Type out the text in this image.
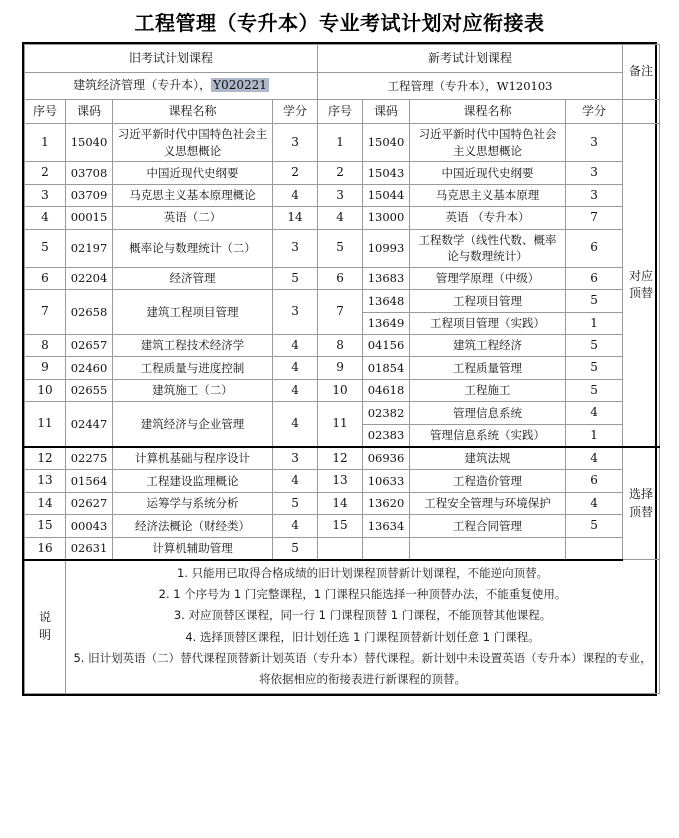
工程管理（专升本）专业考试计划对应衔接表
旧考试计划课程				新考试计划课程				备注
建筑经济管理（专升本）， Y020221				工程管理（专升本），W120103				
序号	课码	课程名称	学分	序号	课码	课程名称	学分	
1	15040	习近平新时代中国特色社会主义思想概论	3	1	15040	习近平新时代中国特色社会主义思想概论	3	对应顶替

2	03708	中国近现代史纲要	2	2	15043	中国近现代史纲要	3	
3	03709	马克思主义基本原理概论	4	3	15044	马克思主义基本原理	3	
4	00015	英语（二）	14	4	13000	英语 （专升本）	7	
5	02197	概率论与数理统计（二）	3	5	10993	工程数学（线性代数、概率论与数理统计）	6	
6	02204	经济管理	5	6	13683	管理学原理（中级）	6	
7	02658	建筑工程项目管理	3	7	13648	工程项目管理	5	
					13649	工程项目管理（实践）	1	
8	02657	建筑工程技术经济学	4	8	04156	建筑工程经济	5	
9	02460	工程质量与进度控制	4	9	01854	工程质量管理	5	
10	02655	建筑施工（二）	4	10	04618	工程施工	5	
11	02447	建筑经济与企业管理	4	11	02382	管理信息系统	4	
					02383	管理信息系统（实践）	1	
12	02275	计算机基础与程序设计	3	12	06936	建筑法规	4	选择顶替

13	01564	工程建设监理概论	4	13	10633	工程造价管理	6	
14	02627	运筹学与系统分析	5	14	13620	工程安全管理与环境保护	4	
15	00043	经济法概论（财经类）	4	15	13634	工程合同管理	5	
16	02631	计算机辅助管理	5					

说
明

1. 只能用已取得合格成绩的旧计划课程顶替新计划课程，不能逆向顶替。
2. 1 个序号为 1 门完整课程，1 门课程只能选择一种顶替办法，不能重复使用。
3. 对应顶替区课程，同一行 1 门课程顶替 1 门课程，不能顶替其他课程。
4. 选择顶替区课程，旧计划任选 1 门课程顶替新计划任意 1 门课程。
5. 旧计划英语（二）替代课程顶替新计划英语（专升本）替代课程。新计划中未设置英语（专升本）课程的专业，将依据相应的衔接表进行新课程的顶替。
